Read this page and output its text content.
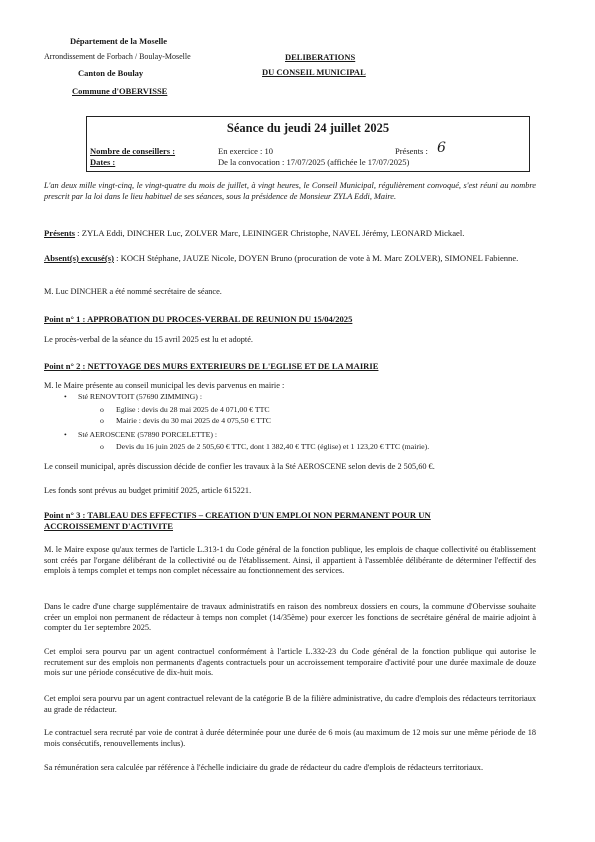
Département de la Moselle
Arrondissement de Forbach / Boulay-Moselle
Canton de Boulay
Commune d'OBERVISSE
DELIBERATIONS
DU CONSEIL MUNICIPAL
Séance du jeudi 24 juillet 2025
Nombre de conseillers :	En exercice : 10	Présents : 6
Dates :	De la convocation : 17/07/2025 (affichée le 17/07/2025)
L'an deux mille vingt-cinq, le vingt-quatre du mois de juillet, à vingt heures, le Conseil Municipal, régulièrement convoqué, s'est réuni au nombre prescrit par la loi dans le lieu habituel de ses séances, sous la présidence de Monsieur ZYLA Eddi, Maire.
Présents : ZYLA Eddi, DINCHER Luc, ZOLVER Marc, LEININGER Christophe, NAVEL Jérémy, LEONARD Mickael.
Absent(s) excusé(s) : KOCH Stéphane, JAUZE Nicole, DOYEN Bruno (procuration de vote à M. Marc ZOLVER), SIMONEL Fabienne.
M. Luc DINCHER a été nommé secrétaire de séance.
Point n° 1 : APPROBATION DU PROCES-VERBAL DE REUNION DU 15/04/2025
Le procès-verbal de la séance du 15 avril 2025 est lu et adopté.
Point n° 2 : NETTOYAGE DES MURS EXTERIEURS DE L'EGLISE ET DE LA MAIRIE
M. le Maire présente au conseil municipal les devis parvenus en mairie :
• Sté RENOVTOIT (57690 ZIMMING) :
o Eglise : devis du 28 mai 2025 de 4 071,00 € TTC
o Mairie : devis du 30 mai 2025 de 4 075,50 € TTC
• Sté AEROSCENE (57890 PORCELETTE) :
o Devis du 16 juin 2025 de 2 505,60 € TTC, dont 1 382,40 € TTC (église) et 1 123,20 € TTC (mairie).
Le conseil municipal, après discussion décide de confier les travaux à la Sté AEROSCENE selon devis de 2 505,60 €.
Les fonds sont prévus au budget primitif 2025, article 615221.
Point n° 3 : TABLEAU DES EFFECTIFS – CREATION D'UN EMPLOI NON PERMANENT POUR UN
ACCROISSEMENT D'ACTIVITE
M. le Maire expose qu'aux termes de l'article L.313-1 du Code général de la fonction publique, les emplois de chaque collectivité ou établissement sont créés par l'organe délibérant de la collectivité ou de l'établissement. Ainsi, il appartient à l'assemblée délibérante de déterminer l'effectif des emplois à temps complet et temps non complet nécessaire au fonctionnement des services.
Dans le cadre d'une charge supplémentaire de travaux administratifs en raison des nombreux dossiers en cours, la commune d'Obervisse souhaite créer un emploi non permanent de rédacteur à temps non complet (14/35ème) pour exercer les fonctions de secrétaire général de mairie adjoint à compter du 1er septembre 2025.
Cet emploi sera pourvu par un agent contractuel conformément à l'article L.332-23 du Code général de la fonction publique qui autorise le recrutement sur des emplois non permanents d'agents contractuels pour un accroissement temporaire d'activité pour une durée maximale de douze mois sur une période consécutive de dix-huit mois.
Cet emploi sera pourvu par un agent contractuel relevant de la catégorie B de la filière administrative, du cadre d'emplois des rédacteurs territoriaux au grade de rédacteur.
Le contractuel sera recruté par voie de contrat à durée déterminée pour une durée de 6 mois (au maximum de 12 mois sur une même période de 18 mois consécutifs, renouvellements inclus).
Sa rémunération sera calculée par référence à l'échelle indiciaire du grade de rédacteur du cadre d'emplois de rédacteurs territoriaux.
